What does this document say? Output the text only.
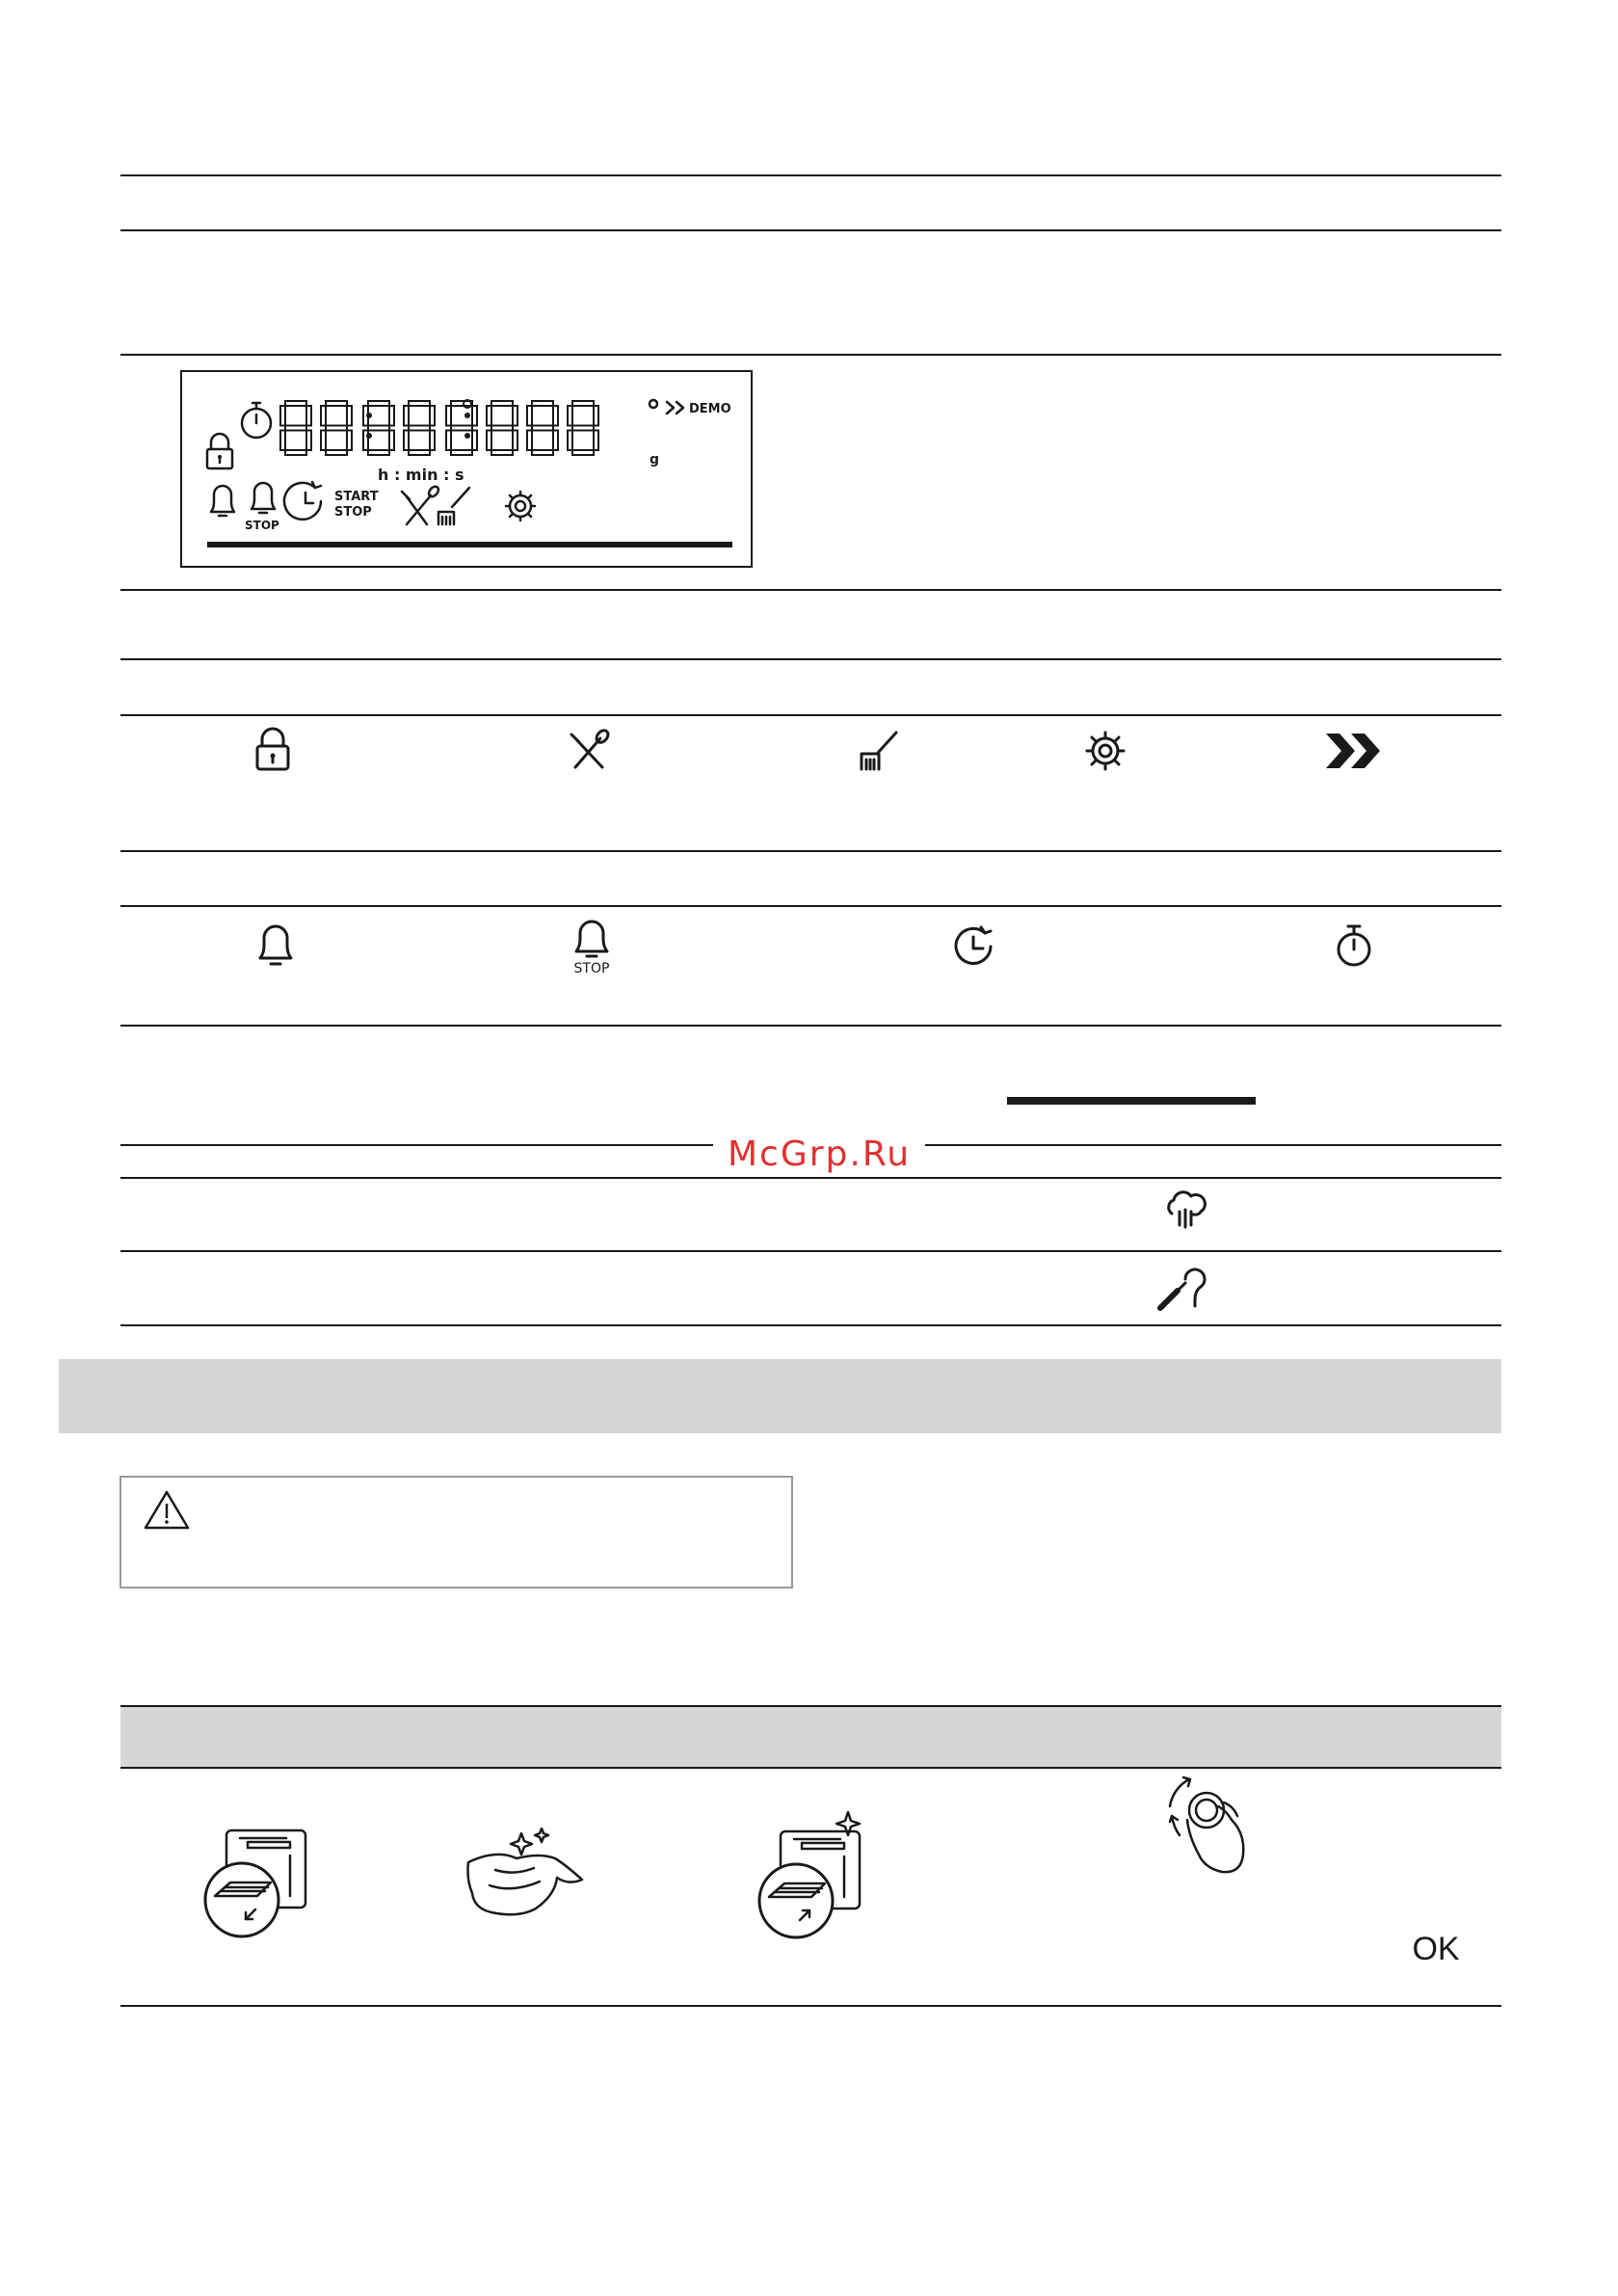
DEMO
g
h : min : s
STOP
START
STOP
STOP
McGrp.Ru
OK
